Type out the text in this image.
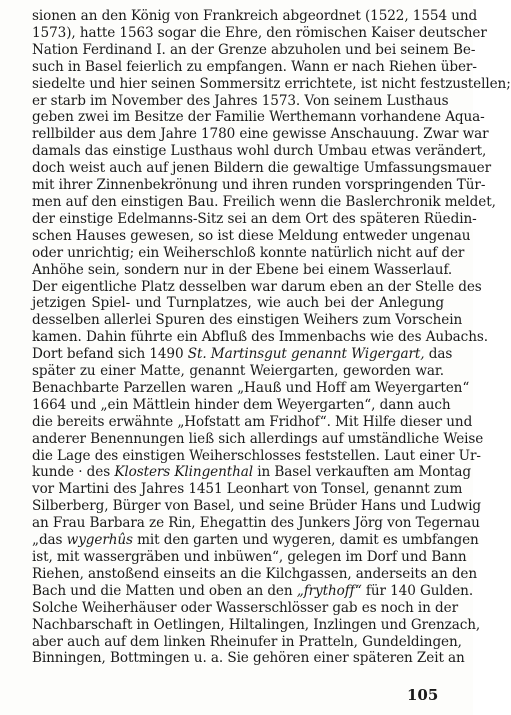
sionen an den König von Frankreich abgeordnet (1522, 1554 und
1573), hatte 1563 sogar die Ehre, den römischen Kaiser deutscher
Nation Ferdinand I. an der Grenze abzuholen und bei seinem Be-
such in Basel feierlich zu empfangen. Wann er nach Riehen über-
siedelte und hier seinen Sommersitz errichtete, ist nicht festzustellen;
er starb im November des Jahres 1573. Von seinem Lusthaus
geben zwei im Besitze der Familie Werthemann vorhandene Aqua-
rellbilder aus dem Jahre 1780 eine gewisse Anschauung. Zwar war
damals das einstige Lusthaus wohl durch Umbau etwas verändert,
doch weist auch auf jenen Bildern die gewaltige Umfassungsmauer
mit ihrer Zinnenbekrönung und ihren runden vorspringenden Tür-
men auf den einstigen Bau. Freilich wenn die Baslerchronik meldet,
der einstige Edelmanns-Sitz sei an dem Ort des späteren Rüedin-
schen Hauses gewesen, so ist diese Meldung entweder ungenau
oder unrichtig; ein Weiherschloß konnte natürlich nicht auf der
Anhöhe sein, sondern nur in der Ebene bei einem Wasserlauf.
Der eigentliche Platz desselben war darum eben an der Stelle des
jetzigen Spiel- und Turnplatzes, wie auch bei der Anlegung
desselben allerlei Spuren des einstigen Weihers zum Vorschein
kamen. Dahin führte ein Abfluß des Immenbachs wie des Aubachs.
Dort befand sich 1490 St. Martinsgut genannt Wigergart, das
später zu einer Matte, genannt Weiergarten, geworden war.
Benachbarte Parzellen waren „Hauß und Hoff am Weyergarten“
1664 und „ein Mättlein hinder dem Weyergarten“, dann auch
die bereits erwähnte „Hofstatt am Fridhof“. Mit Hilfe dieser und
anderer Benennungen ließ sich allerdings auf umständliche Weise
die Lage des einstigen Weiherschlosses feststellen. Laut einer Ur-
kunde · des Klosters Klingenthal in Basel verkauften am Montag
vor Martini des Jahres 1451 Leonhart von Tonsel, genannt zum
Silberberg, Bürger von Basel, und seine Brüder Hans und Ludwig
an Frau Barbara ze Rin, Ehegattin des Junkers Jörg von Tegernau
„das wygerhûs mit den garten und wygeren, damit es umbfangen
ist, mit wassergräben und inbüwen“, gelegen im Dorf und Bann
Riehen, anstoßend einseits an die Kilchgassen, anderseits an den
Bach und die Matten und oben an den „frythoff“ für 140 Gulden.
Solche Weiherhäuser oder Wasserschlösser gab es noch in der
Nachbarschaft in Oetlingen, Hiltalingen, Inzlingen und Grenzach,
aber auch auf dem linken Rheinufer in Pratteln, Gundeldingen,
Binningen, Bottmingen u. a. Sie gehören einer späteren Zeit an
105
